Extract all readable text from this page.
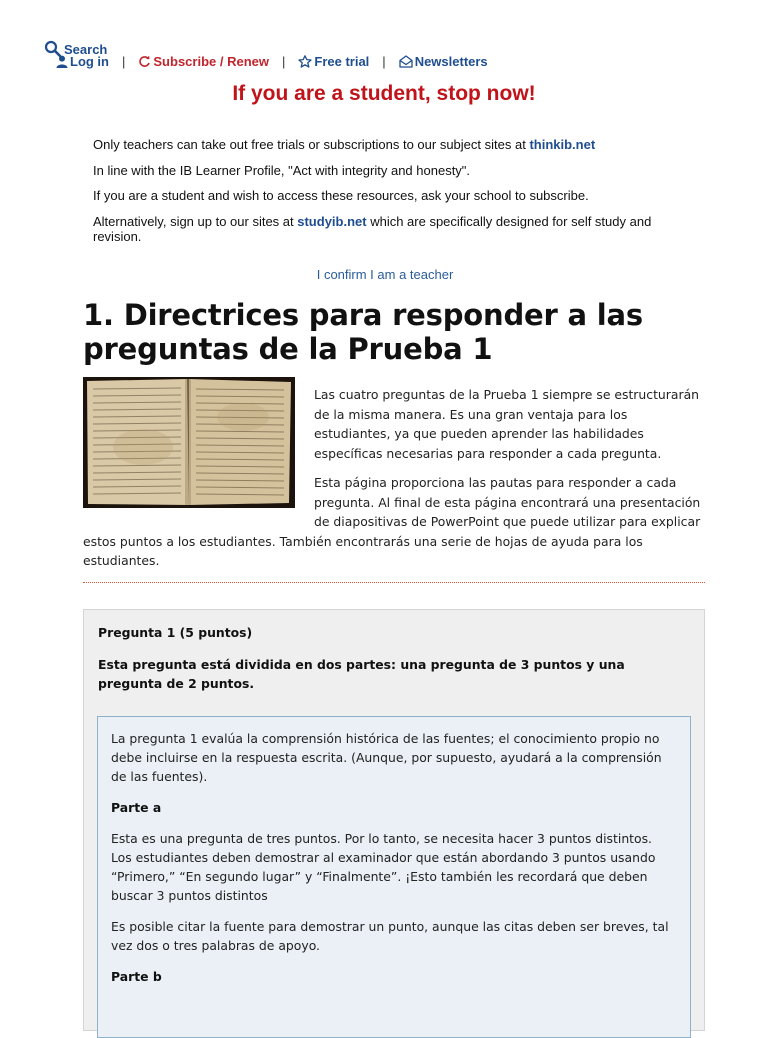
Search
Log in | Subscribe / Renew | Free trial | Newsletters
If you are a student, stop now!
Only teachers can take out free trials or subscriptions to our subject sites at thinkib.net
In line with the IB Learner Profile, "Act with integrity and honesty".
If you are a student and wish to access these resources, ask your school to subscribe.
Alternatively, sign up to our sites at studyib.net which are specifically designed for self study and revision.
I confirm I am a teacher
1. Directrices para responder a las preguntas de la Prueba 1

Las cuatro preguntas de la Prueba 1 siempre se estructurarán de la misma manera. Es una gran ventaja para los estudiantes, ya que pueden aprender las habilidades específicas necesarias para responder a cada pregunta.

Esta página proporciona las pautas para responder a cada pregunta. Al final de esta página encontrará una presentación de diapositivas de PowerPoint que puede utilizar para explicar estos puntos a los estudiantes. También encontrarás una serie de hojas de ayuda para los estudiantes.

Pregunta 1 (5 puntos)

Esta pregunta está dividida en dos partes: una pregunta de 3 puntos y una pregunta de 2 puntos.

La pregunta 1 evalúa la comprensión histórica de las fuentes; el conocimiento propio no debe incluirse en la respuesta escrita. (Aunque, por supuesto, ayudará a la comprensión de las fuentes).

Parte a

Esta es una pregunta de tres puntos. Por lo tanto, se necesita hacer 3 puntos distintos. Los estudiantes deben demostrar al examinador que están abordando 3 puntos usando “Primero,” “En segundo lugar” y “Finalmente”. ¡Esto también les recordará que deben buscar 3 puntos distintos

Es posible citar la fuente para demostrar un punto, aunque las citas deben ser breves, tal vez dos o tres palabras de apoyo.

Parte b
